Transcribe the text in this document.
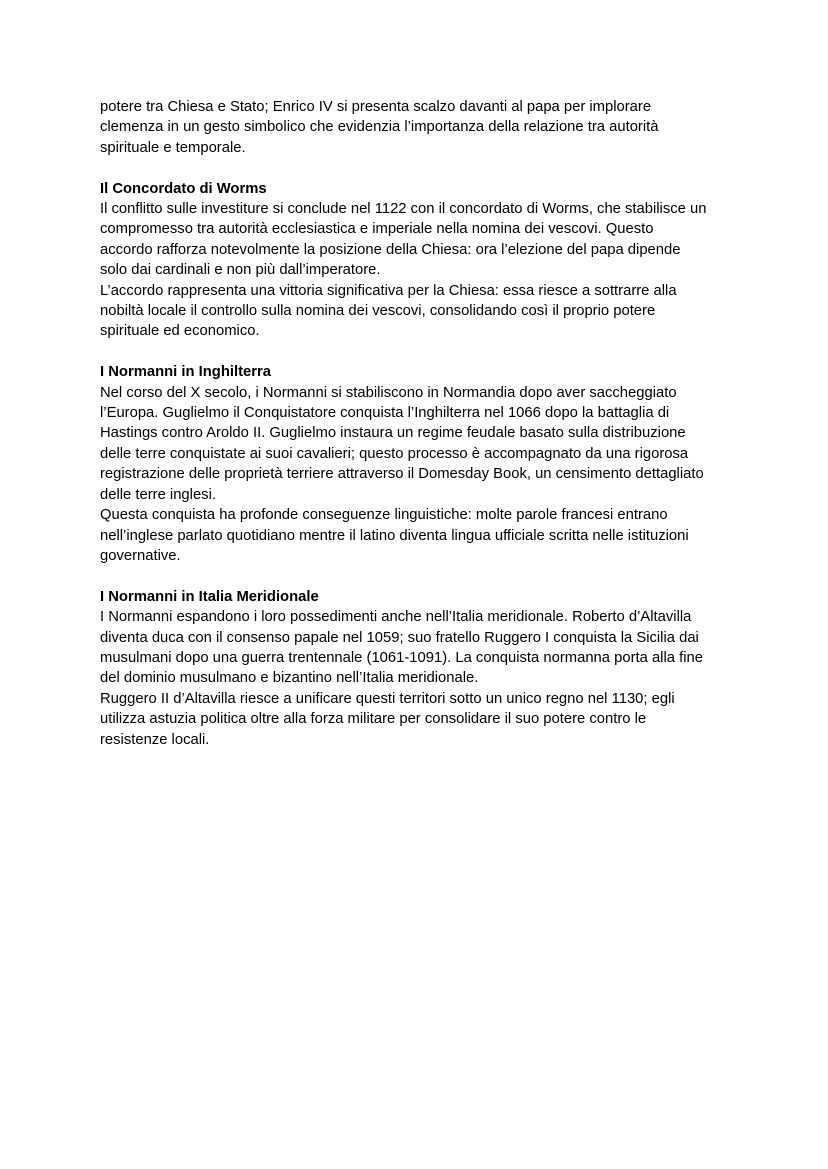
potere tra Chiesa e Stato; Enrico IV si presenta scalzo davanti al papa per implorare
clemenza in un gesto simbolico che evidenzia l’importanza della relazione tra autorità
spirituale e temporale.

Il Concordato di Worms

Il conflitto sulle investiture si conclude nel 1122 con il concordato di Worms, che stabilisce un
compromesso tra autorità ecclesiastica e imperiale nella nomina dei vescovi. Questo
accordo rafforza notevolmente la posizione della Chiesa: ora l’elezione del papa dipende
solo dai cardinali e non più dall’imperatore.

L’accordo rappresenta una vittoria significativa per la Chiesa: essa riesce a sottrarre alla
nobiltà locale il controllo sulla nomina dei vescovi, consolidando così il proprio potere
spirituale ed economico.

I Normanni in Inghilterra

Nel corso del X secolo, i Normanni si stabiliscono in Normandia dopo aver saccheggiato
l’Europa. Guglielmo il Conquistatore conquista l’Inghilterra nel 1066 dopo la battaglia di
Hastings contro Aroldo II. Guglielmo instaura un regime feudale basato sulla distribuzione
delle terre conquistate ai suoi cavalieri; questo processo è accompagnato da una rigorosa
registrazione delle proprietà terriere attraverso il Domesday Book, un censimento dettagliato
delle terre inglesi.

Questa conquista ha profonde conseguenze linguistiche: molte parole francesi entrano
nell’inglese parlato quotidiano mentre il latino diventa lingua ufficiale scritta nelle istituzioni
governative.

I Normanni in Italia Meridionale

I Normanni espandono i loro possedimenti anche nell’Italia meridionale. Roberto d’Altavilla
diventa duca con il consenso papale nel 1059; suo fratello Ruggero I conquista la Sicilia dai
musulmani dopo una guerra trentennale (1061-1091). La conquista normanna porta alla fine
del dominio musulmano e bizantino nell’Italia meridionale.

Ruggero II d’Altavilla riesce a unificare questi territori sotto un unico regno nel 1130; egli
utilizza astuzia politica oltre alla forza militare per consolidare il suo potere contro le
resistenze locali.
